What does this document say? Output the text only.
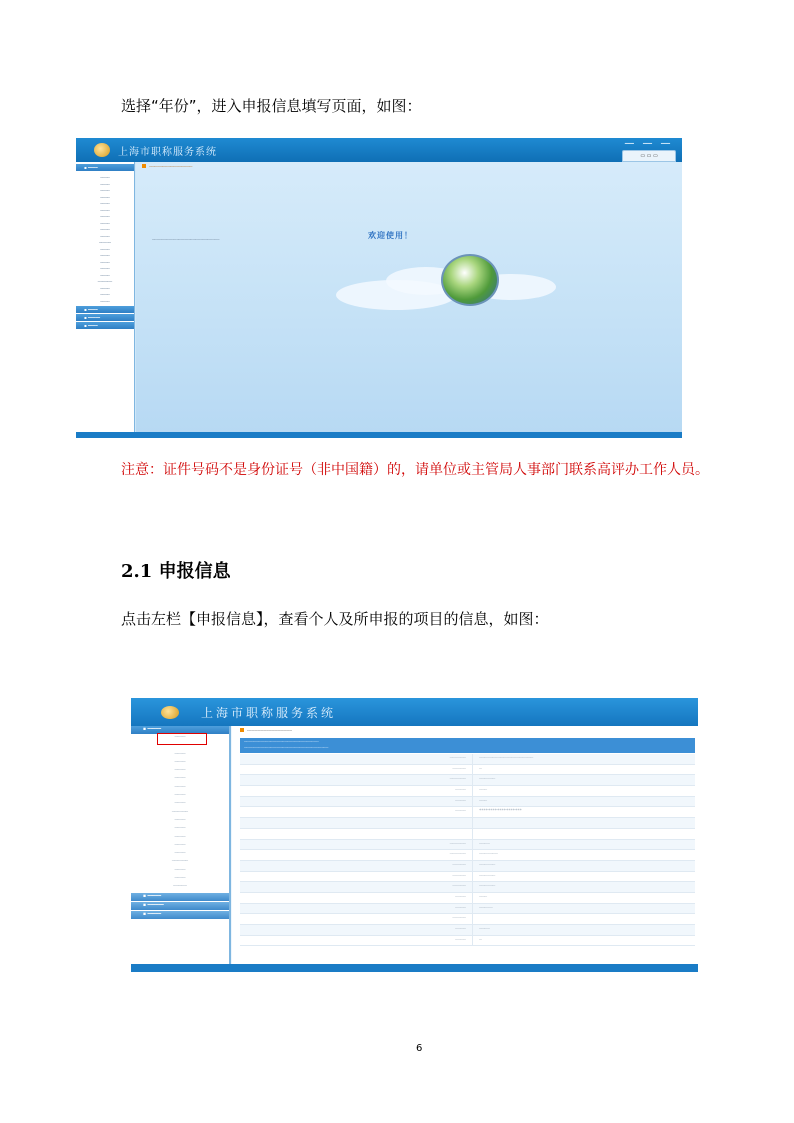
选择“年份”，进入申报信息填写页面，如图：
上海市职称服务系统
━━━ ━━━ ━━━
▭ ▭ ▭
▪ ━━━━
┄┄┄┄
┄┄┄┄
┄┄┄┄
┄┄┄┄
┄┄┄┄
┄┄┄┄
┄┄┄┄
┄┄┄┄
┄┄┄┄
┄┄┄┄
┄┄┄┄┄
┄┄┄┄
┄┄┄┄
┄┄┄┄
┄┄┄┄
┄┄┄┄
┄┄┄┄┄┄
┄┄┄┄
┄┄┄┄
┄┄┄┄
▪ ━━━━
▪ ━━━━━
▪ ━━━━
┄┄┄┄┄┄┄┄┄┄┄┄┄┄┄┄
欢迎使用！
┄┄┄┄┄┄┄┄┄┄┄┄┄┄┄┄┄┄┄┄┄┄┄┄┄┄┄┄
注意：证件号码不是身份证号（非中国籍）的，请单位或主管局人事部门联系高评办工作人员。
2.1 申报信息
点击左栏【申报信息】，查看个人及所申报的项目的信息，如图：
上海市职称服务系统
▪ ━━━━━
┄┄┄┄
┄┄┄┄
┄┄┄┄
┄┄┄┄
┄┄┄┄
┄┄┄┄
┄┄┄┄
┄┄┄┄
┄┄┄┄
┄┄┄┄┄┄
┄┄┄┄
┄┄┄┄
┄┄┄┄
┄┄┄┄
┄┄┄┄
┄┄┄┄┄┄
┄┄┄┄
┄┄┄┄
┄┄┄┄┄
▪ ━━━━━
▪ ━━━━━━
▪ ━━━━━
┄┄┄┄┄┄┄┄┄┄┄┄┄┄┄
┄┄┄┄┄┄┄┄┄┄┄┄┄┄┄┄┄┄┄┄┄┄┄┄┄┄┄┄┄┄┄
┄┄┄┄┄┄┄┄┄┄┄┄┄┄┄┄┄┄┄┄┄┄┄┄┄┄┄┄┄┄┄┄┄┄┄
┄┄┄┄┄┄	┄┄┄┄┄┄┄┄┄┄┄┄┄┄┄┄┄┄┄┄
┄┄┄┄┄	┄
┄┄┄┄┄┄	┄┄┄┄┄┄
┄┄┄┄	┄┄┄
┄┄┄┄	┄┄┄
┄┄┄┄	*******************
┄┄┄┄┄┄	┄┄┄┄
┄┄┄┄┄┄	┄┄┄┄┄┄┄
┄┄┄┄┄	┄┄┄┄┄┄
┄┄┄┄┄	┄┄┄┄┄┄
┄┄┄┄┄	┄┄┄┄┄┄
┄┄┄┄	┄┄┄
┄┄┄┄	┄┄┄┄┄
┄┄┄┄┄
┄┄┄┄	┄┄┄┄
┄┄┄┄	┄
6
